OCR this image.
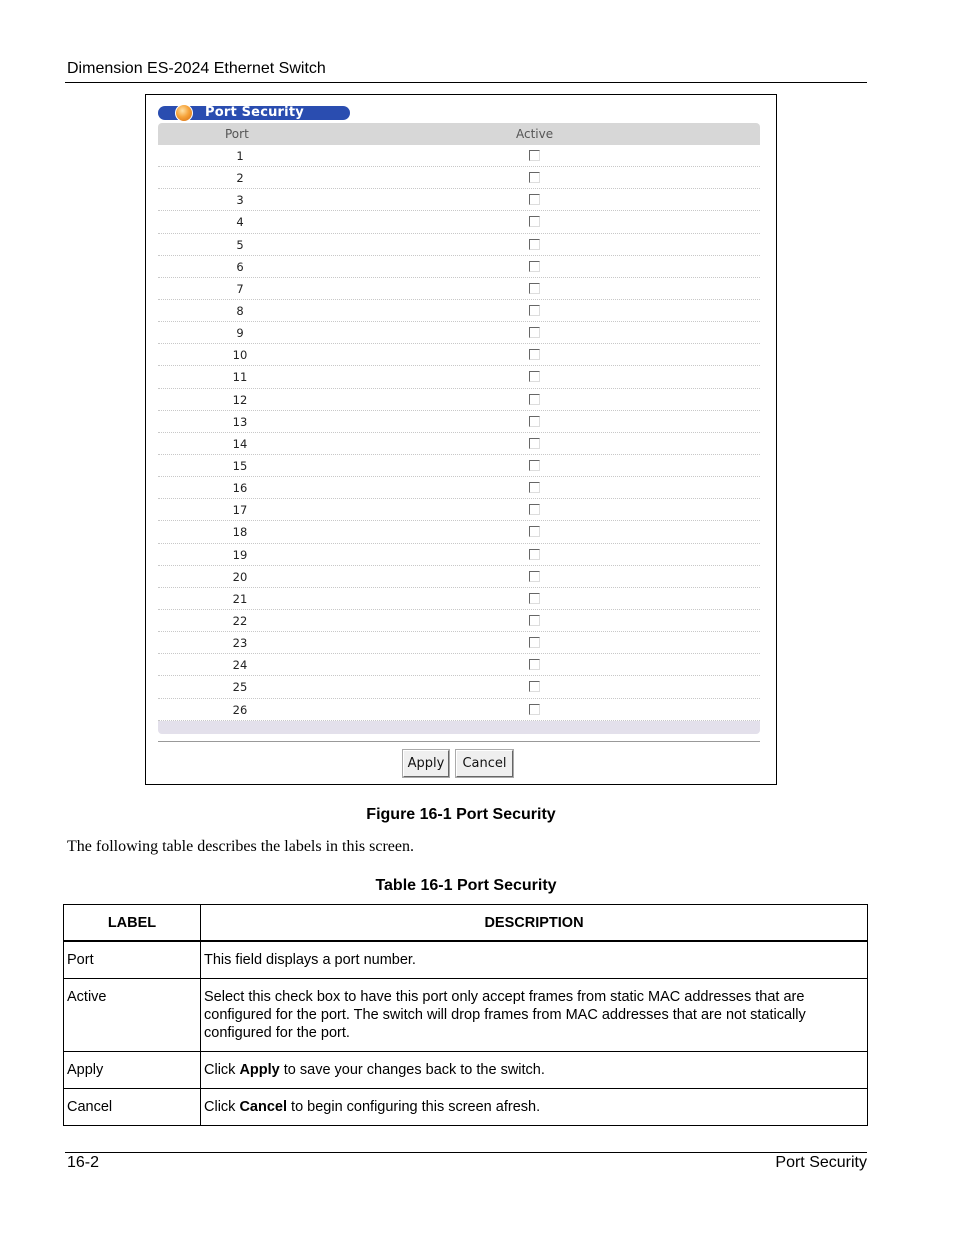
Dimension ES-2024 Ethernet Switch
Port Security
Port	Active
1
2
3
4
5
6
7
8
9
10
11
12
13
14
15
16
17
18
19
20
21
22
23
24
25
26
Apply	Cancel
Figure 16-1 Port Security
The following table describes the labels in this screen.
Table 16-1 Port Security
LABEL	DESCRIPTION
Port	This field displays a port number.
Active	Select this check box to have this port only accept frames from static MAC addresses that are configured for the port. The switch will drop frames from MAC addresses that are not statically configured for the port.
Apply	Click Apply to save your changes back to the switch.
Cancel	Click Cancel to begin configuring this screen afresh.
16-2	Port Security
